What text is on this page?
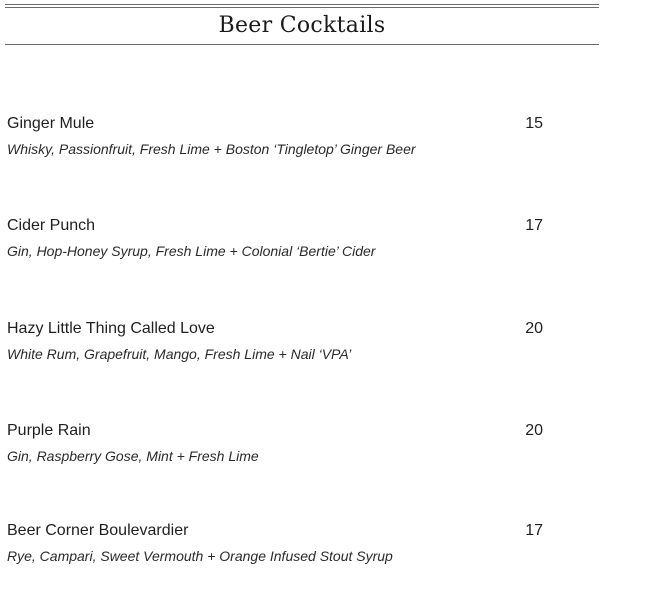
Beer Cocktails
Ginger Mule	15
Whisky, Passionfruit, Fresh Lime + Boston ‘Tingletop’ Ginger Beer
Cider Punch	17
Gin, Hop-Honey Syrup, Fresh Lime + Colonial ‘Bertie’ Cider
Hazy Little Thing Called Love	20
White Rum, Grapefruit, Mango, Fresh Lime + Nail ‘VPA’
Purple Rain	20
Gin, Raspberry Gose, Mint + Fresh Lime
Beer Corner Boulevardier	17
Rye, Campari, Sweet Vermouth + Orange Infused Stout Syrup
